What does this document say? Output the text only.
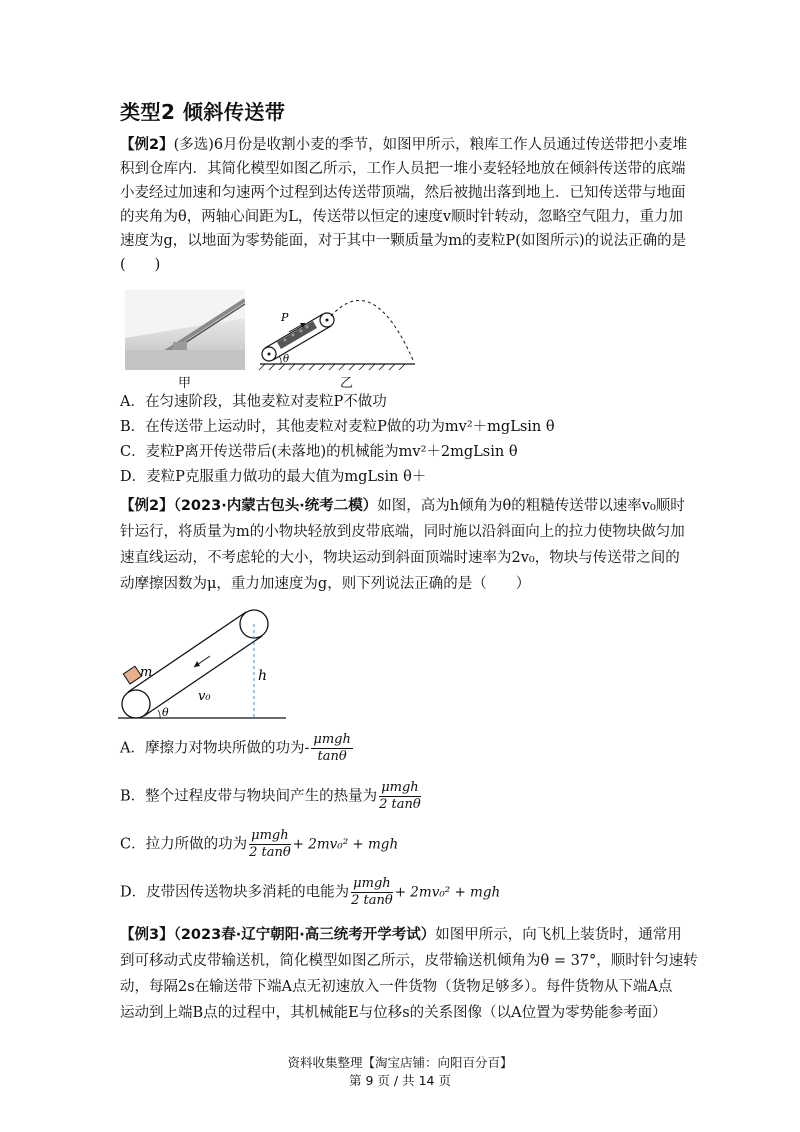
类型2 倾斜传送带
【例2】(多选)6月份是收割小麦的季节，如图甲所示，粮库工作人员通过传送带把小麦堆
积到仓库内．其简化模型如图乙所示，工作人员把一堆小麦轻轻地放在倾斜传送带的底端
小麦经过加速和匀速两个过程到达传送带顶端，然后被抛出落到地上．已知传送带与地面
的夹角为θ，两轴心间距为L，传送带以恒定的速度v顺时针转动，忽略空气阻力，重力加
速度为g，以地面为零势能面，对于其中一颗质量为m的麦粒P(如图所示)的说法正确的是
(　　)
甲
P
θ
乙
A．在匀速阶段，其他麦粒对麦粒P不做功
B．在传送带上运动时，其他麦粒对麦粒P做的功为mv²＋mgLsin θ
C．麦粒P离开传送带后(未落地)的机械能为mv²＋2mgLsin θ
D．麦粒P克服重力做功的最大值为mgLsin θ＋
【例2】（2023·内蒙古包头·统考二模）如图，高为h倾角为θ的粗糙传送带以速率v₀顺时
针运行，将质量为m的小物块轻放到皮带底端，同时施以沿斜面向上的拉力使物块做匀加
速直线运动，不考虑轮的大小，物块运动到斜面顶端时速率为2v₀，物块与传送带之间的
动摩擦因数为μ，重力加速度为g，则下列说法正确的是（　　）
m	h
v₀
θ
A．摩擦力对物块所做的功为- $\frac{\text{μmgh}}{\tan\theta}$
B．整个过程皮带与物块间产生的热量为 $\frac{\text{μmgh}}{2 \tan\theta}$
C．拉力所做的功为 $\frac{\text{μmgh}}{2 \tan\theta} + 2mv_0^2$ + mgh
D．皮带因传送物块多消耗的电能为 $\frac{\text{μmgh}}{2 \tan\theta} + 2mv_0^2$ + mgh
【例3】（2023春·辽宁朝阳·高三统考开学考试）如图甲所示，向飞机上装货时，通常用
到可移动式皮带输送机，简化模型如图乙所示，皮带输送机倾角为θ = 37°，顺时针匀速转
动，每隔2s在输送带下端A点无初速放入一件货物（货物足够多）。每件货物从下端A点
运动到上端B点的过程中，其机械能E与位移s的关系图像（以A位置为零势能参考面）
资料收集整理【淘宝店铺：向阳百分百】
第 9 页 / 共 14 页
